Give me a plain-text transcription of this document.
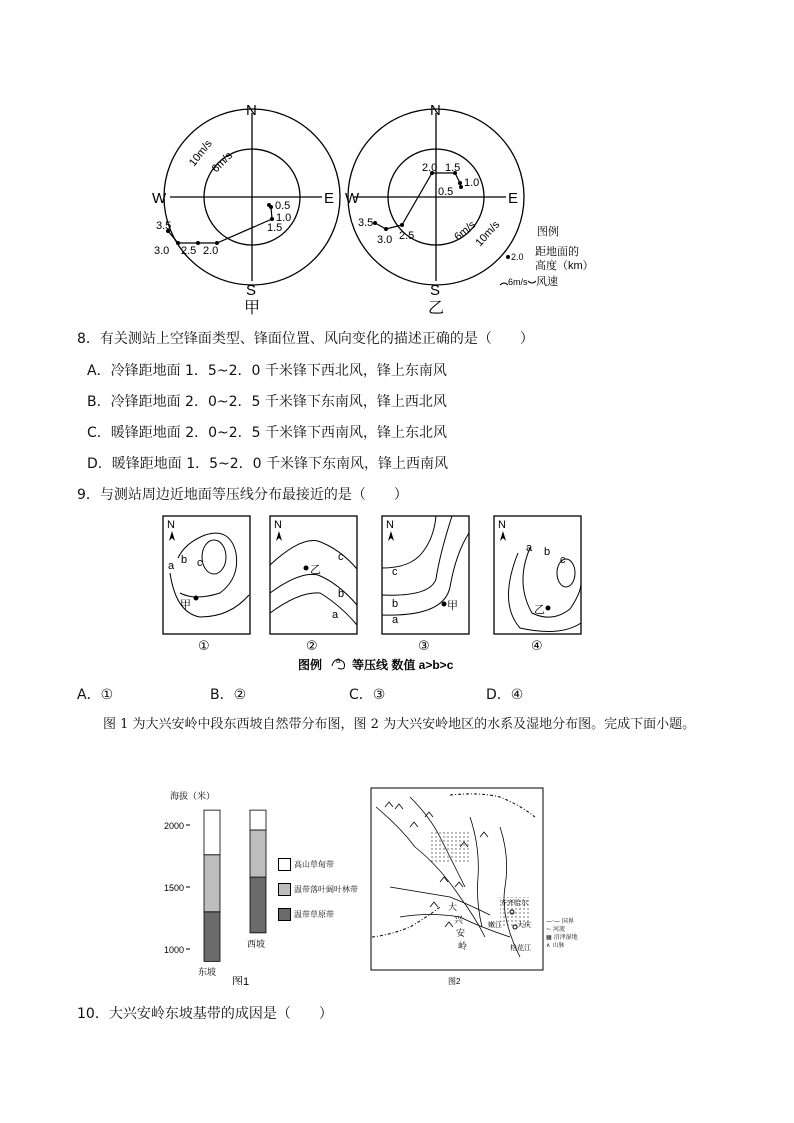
N
S
E
W
10m/s
6m/s
3.5
3.0 2.5 2.0
1.5
1.0
0.5
甲
N
S
E
W
6m/s
10m/s
3.5
3.0 2.5
2.0 1.5
1.0
0.5
乙
图例
2.0 距地面的
高度（km）
6m/s 风速
8．有关测站上空锋面类型、锋面位置、风向变化的描述正确的是（　　）
A．冷锋距地面 1．5~2．0 千米锋下西北风，锋上东南风
B．冷锋距地面 2．0~2．5 千米锋下东南风，锋上西北风
C．暖锋距地面 2．0~2．5 千米锋下西南风，锋上东北风
D．暖锋距地面 1．5~2．0 千米锋下东南风，锋上西南风
9．与测站周边近地面等压线分布最接近的是（　　）
N
a b c
甲
①
N
c
b
a
乙
②
N
c
b
a
甲
③
N
a b
c
乙
④
图例 a 等压线 数值 a>b>c
A．①	B．②	C．③	D．④
图 1 为大兴安岭中段东西坡自然带分布图，图 2 为大兴安岭地区的水系及湿地分布图。完成下面小题。
海拔（米）
2000
1500
1000
东坡
西坡
图1
高山草甸带
温带落叶阔叶林带
温带草原带
齐齐哈尔
大庆
嫩江
松花江
大
兴
安
岭
图2
—·— 国界
~ 河流
▦ 沼泽湿地
∧ 山脉
10．大兴安岭东坡基带的成因是（　　）
